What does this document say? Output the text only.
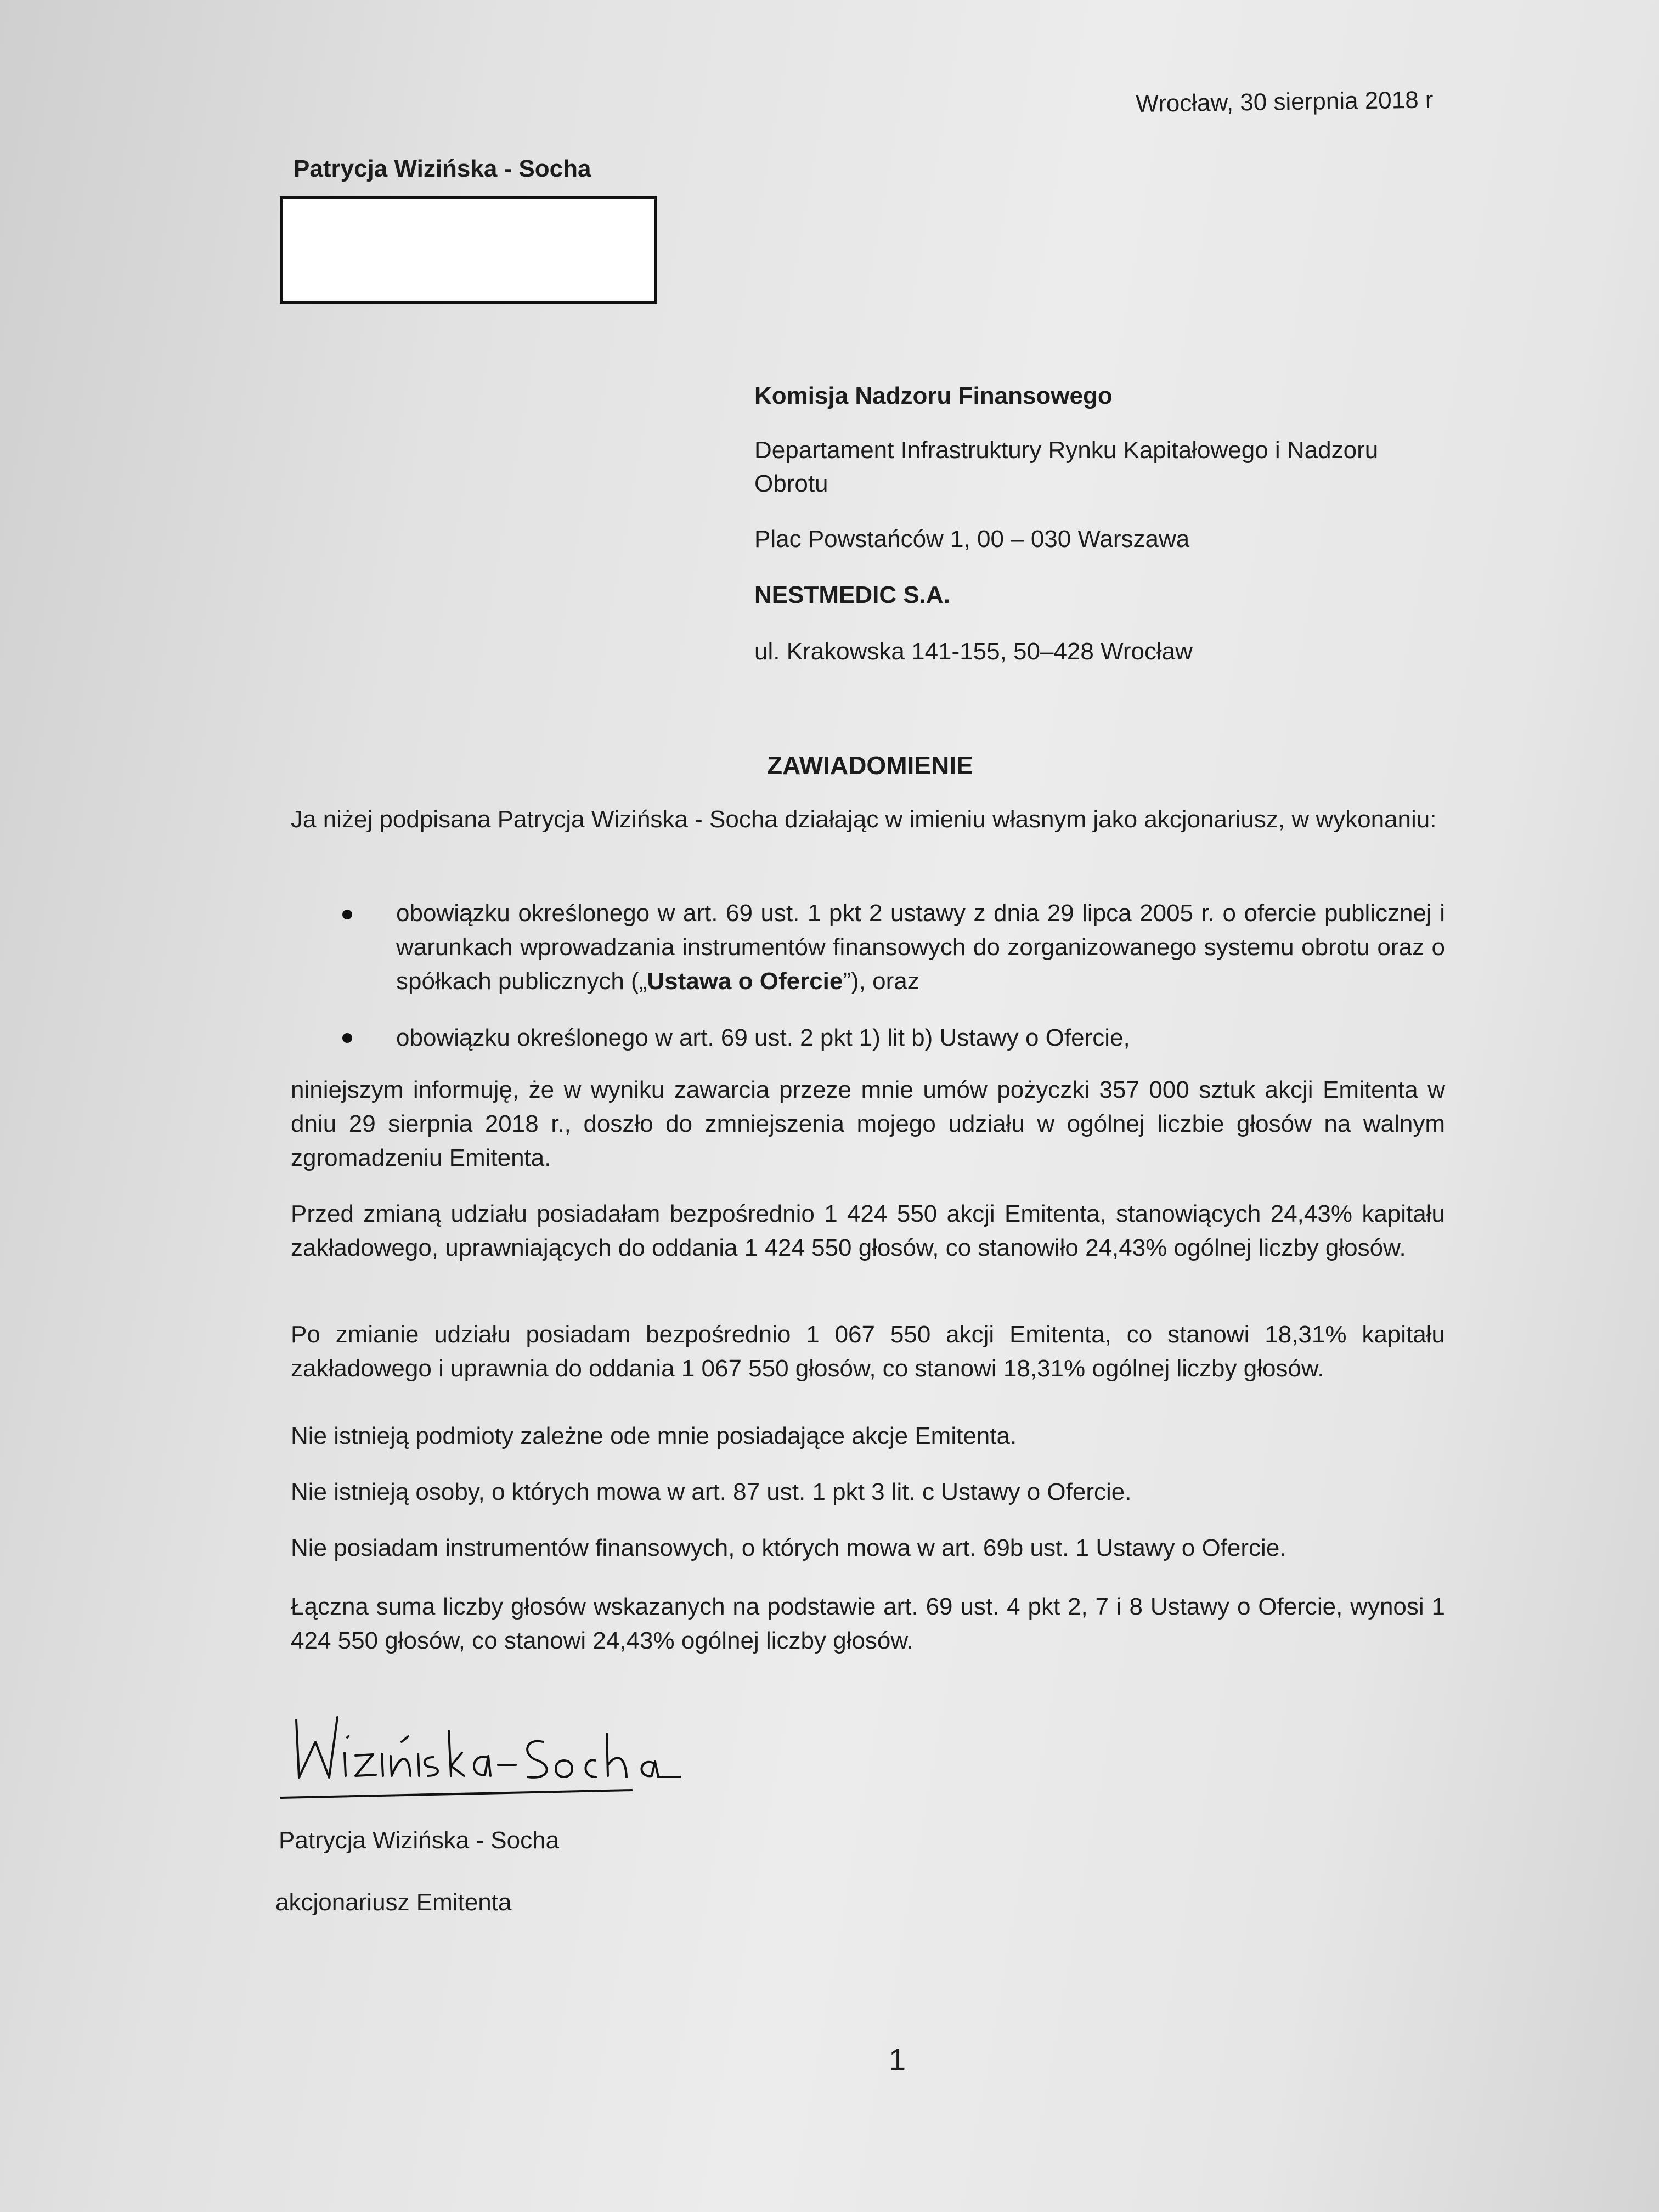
Wrocław, 30 sierpnia 2018 r
Patrycja Wizińska - Socha
Komisja Nadzoru Finansowego
Departament Infrastruktury Rynku Kapitałowego i Nadzoru
Obrotu
Plac Powstańców 1, 00 – 030 Warszawa
NESTMEDIC S.A.
ul. Krakowska 141-155, 50–428 Wrocław
ZAWIADOMIENIE
Ja niżej podpisana Patrycja Wizińska - Socha działając w imieniu własnym jako akcjonariusz, w wykonaniu:
obowiązku określonego w art. 69 ust. 1 pkt 2 ustawy z dnia 29 lipca 2005 r. o ofercie publicznej i warunkach wprowadzania instrumentów finansowych do zorganizowanego systemu obrotu oraz o spółkach publicznych („Ustawa o Ofercie”), oraz
obowiązku określonego w art. 69 ust. 2 pkt 1) lit b) Ustawy o Ofercie,
niniejszym informuję, że w wyniku zawarcia przeze mnie umów pożyczki 357 000 sztuk akcji Emitenta w dniu 29 sierpnia 2018 r., doszło do zmniejszenia mojego udziału w ogólnej liczbie głosów na walnym zgromadzeniu Emitenta.
Przed zmianą udziału posiadałam bezpośrednio 1 424 550 akcji Emitenta, stanowiących 24,43% kapitału zakładowego, uprawniających do oddania 1 424 550 głosów, co stanowiło 24,43% ogólnej liczby głosów.
Po zmianie udziału posiadam bezpośrednio 1 067 550 akcji Emitenta, co stanowi 18,31% kapitału zakładowego i uprawnia do oddania 1 067 550 głosów, co stanowi 18,31% ogólnej liczby głosów.
Nie istnieją podmioty zależne ode mnie posiadające akcje Emitenta.
Nie istnieją osoby, o których mowa w art. 87 ust. 1 pkt 3 lit. c Ustawy o Ofercie.
Nie posiadam instrumentów finansowych, o których mowa w art. 69b ust. 1 Ustawy o Ofercie.
Łączna suma liczby głosów wskazanych na podstawie art. 69 ust. 4 pkt 2, 7 i 8 Ustawy o Ofercie, wynosi 1 424 550 głosów, co stanowi 24,43% ogólnej liczby głosów.
Patrycja Wizińska - Socha
akcjonariusz Emitenta
1
